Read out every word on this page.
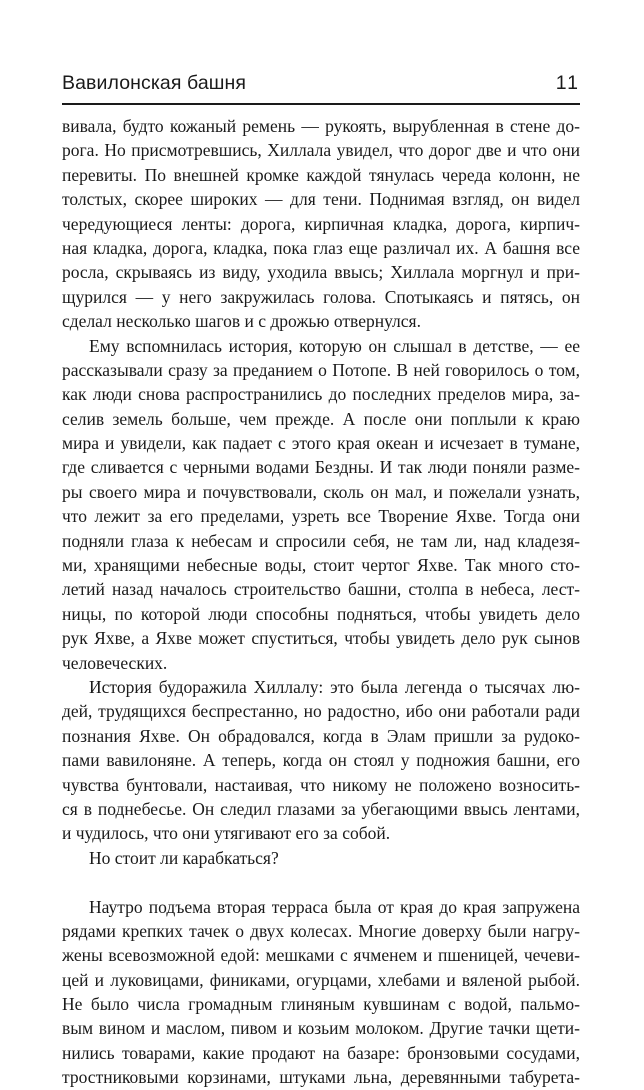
Вавилонская башня	11
вивала, будто кожаный ремень — рукоять, вырубленная в стене до-
рога. Но присмотревшись, Хиллала увидел, что дорог две и что они
перевиты. По внешней кромке каждой тянулась череда колонн, не
толстых, скорее широких — для тени. Поднимая взгляд, он видел
чередующиеся ленты: дорога, кирпичная кладка, дорога, кирпич-
ная кладка, дорога, кладка, пока глаз еще различал их. А башня все
росла, скрываясь из виду, уходила ввысь; Хиллала моргнул и при-
щурился — у него закружилась голова. Спотыкаясь и пятясь, он
сделал несколько шагов и с дрожью отвернулся.
Ему вспомнилась история, которую он слышал в детстве, — ее
рассказывали сразу за преданием о Потопе. В ней говорилось о том,
как люди снова распространились до последних пределов мира, за-
селив земель больше, чем прежде. А после они поплыли к краю
мира и увидели, как падает с этого края океан и исчезает в тумане,
где сливается с черными водами Бездны. И так люди поняли разме-
ры своего мира и почувствовали, сколь он мал, и пожелали узнать,
что лежит за его пределами, узреть все Творение Яхве. Тогда они
подняли глаза к небесам и спросили себя, не там ли, над кладезя-
ми, хранящими небесные воды, стоит чертог Яхве. Так много сто-
летий назад началось строительство башни, столпа в небеса, лест-
ницы, по которой люди способны подняться, чтобы увидеть дело
рук Яхве, а Яхве может спуститься, чтобы увидеть дело рук сынов
человеческих.
История будоражила Хиллалу: это была легенда о тысячах лю-
дей, трудящихся беспрестанно, но радостно, ибо они работали ради
познания Яхве. Он обрадовался, когда в Элам пришли за рудоко-
пами вавилоняне. А теперь, когда он стоял у подножия башни, его
чувства бунтовали, настаивая, что никому не положено возносить-
ся в поднебесье. Он следил глазами за убегающими ввысь лентами,
и чудилось, что они утягивают его за собой.
Но стоит ли карабкаться?
Наутро подъема вторая терраса была от края до края запружена
рядами крепких тачек о двух колесах. Многие доверху были нагру-
жены всевозможной едой: мешками с ячменем и пшеницей, чечеви-
цей и луковицами, финиками, огурцами, хлебами и вяленой рыбой.
Не было числа громадным глиняным кувшинам с водой, пальмо-
вым вином и маслом, пивом и козьим молоком. Другие тачки щети-
нились товарами, какие продают на базаре: бронзовыми сосудами,
тростниковыми корзинами, штуками льна, деревянными табурета-
